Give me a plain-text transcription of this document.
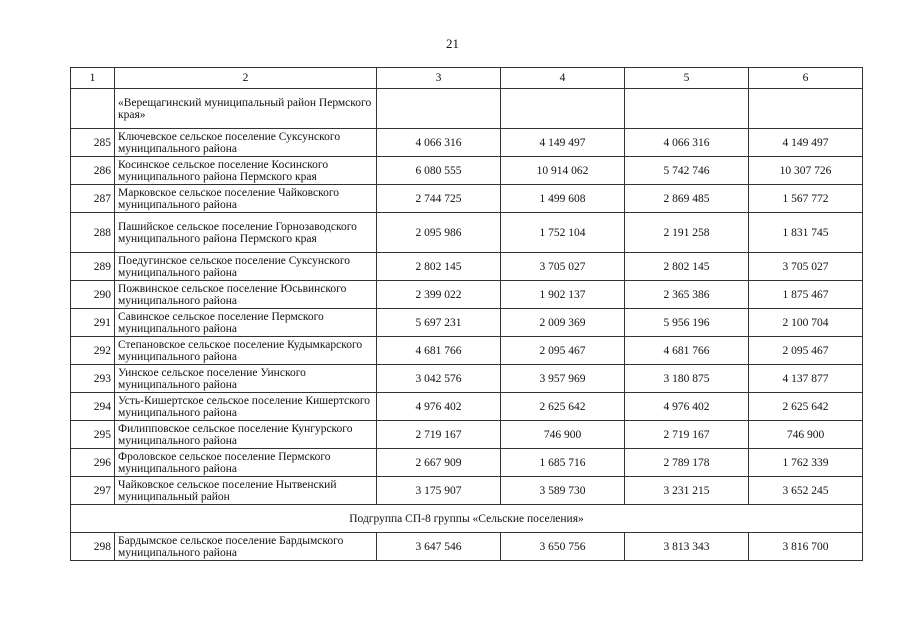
21
1	2	3	4	5	6
	«Верещагинский муниципальный район Пермского края»				
285	Ключевское сельское поселение Суксунского муниципального района	4 066 316	4 149 497	4 066 316	4 149 497
286	Косинское сельское поселение Косинского муниципального района Пермского края	6 080 555	10 914 062	5 742 746	10 307 726
287	Марковское сельское поселение Чайковского муниципального района	2 744 725	1 499 608	2 869 485	1 567 772
288	Пашийское сельское поселение Горнозаводского муниципального района Пермского края	2 095 986	1 752 104	2 191 258	1 831 745
289	Поедугинское сельское поселение Суксунского муниципального района	2 802 145	3 705 027	2 802 145	3 705 027
290	Пожвинское сельское поселение Юсьвинского муниципального района	2 399 022	1 902 137	2 365 386	1 875 467
291	Савинское сельское поселение Пермского муниципального района	5 697 231	2 009 369	5 956 196	2 100 704
292	Степановское сельское поселение Кудымкарского муниципального района	4 681 766	2 095 467	4 681 766	2 095 467
293	Уинское сельское поселение Уинского муниципального района	3 042 576	3 957 969	3 180 875	4 137 877
294	Усть-Кишертское сельское поселение Кишертского муниципального района	4 976 402	2 625 642	4 976 402	2 625 642
295	Филипповское сельское поселение Кунгурского муниципального района	2 719 167	746 900	2 719 167	746 900
296	Фроловское сельское поселение Пермского муниципального района	2 667 909	1 685 716	2 789 178	1 762 339
297	Чайковское сельское поселение Нытвенский муниципальный район	3 175 907	3 589 730	3 231 215	3 652 245
Подгруппа СП-8 группы «Сельские поселения»					
298	Бардымское сельское поселение Бардымского муниципального района	3 647 546	3 650 756	3 813 343	3 816 700
